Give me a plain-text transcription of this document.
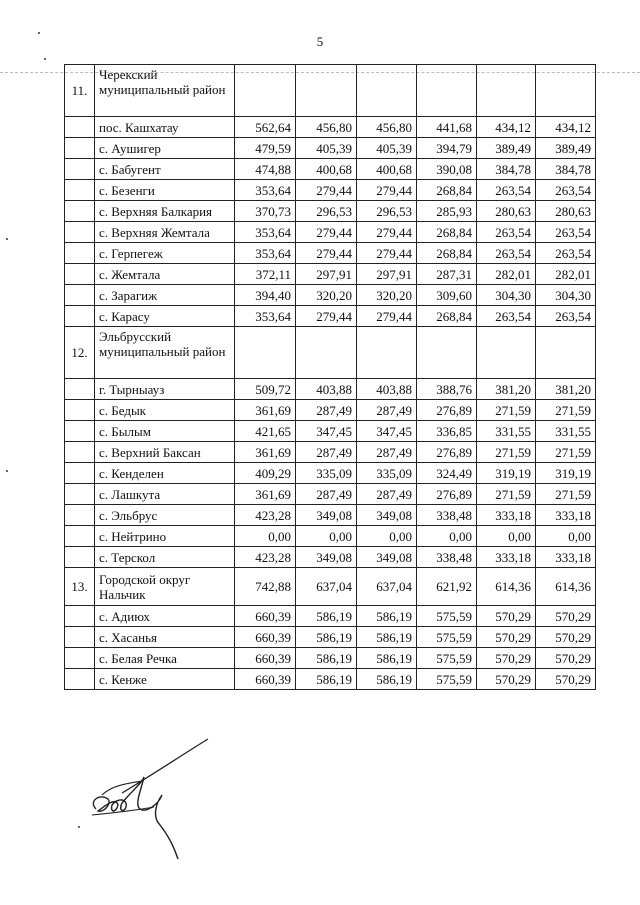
5
11.	Черекский муниципальный район						
	пос. Кашхатау	562,64	456,80	456,80	441,68	434,12	434,12
	с. Аушигер	479,59	405,39	405,39	394,79	389,49	389,49
	с. Бабугент	474,88	400,68	400,68	390,08	384,78	384,78
	с. Безенги	353,64	279,44	279,44	268,84	263,54	263,54
	с. Верхняя Балкария	370,73	296,53	296,53	285,93	280,63	280,63
	с. Верхняя Жемтала	353,64	279,44	279,44	268,84	263,54	263,54
	с. Герпегеж	353,64	279,44	279,44	268,84	263,54	263,54
	с. Жемтала	372,11	297,91	297,91	287,31	282,01	282,01
	с. Зарагиж	394,40	320,20	320,20	309,60	304,30	304,30
	с. Карасу	353,64	279,44	279,44	268,84	263,54	263,54
12.	Эльбрусский муниципальный район						
	г. Тырныауз	509,72	403,88	403,88	388,76	381,20	381,20
	с. Бедык	361,69	287,49	287,49	276,89	271,59	271,59
	с. Былым	421,65	347,45	347,45	336,85	331,55	331,55
	с. Верхний Баксан	361,69	287,49	287,49	276,89	271,59	271,59
	с. Кенделен	409,29	335,09	335,09	324,49	319,19	319,19
	с. Лашкута	361,69	287,49	287,49	276,89	271,59	271,59
	с. Эльбрус	423,28	349,08	349,08	338,48	333,18	333,18
	с. Нейтрино	0,00	0,00	0,00	0,00	0,00	0,00
	с. Терскол	423,28	349,08	349,08	338,48	333,18	333,18
13.	Городской округ Нальчик	742,88	637,04	637,04	621,92	614,36	614,36
	с. Адиюх	660,39	586,19	586,19	575,59	570,29	570,29
	с. Хасанья	660,39	586,19	586,19	575,59	570,29	570,29
	с. Белая Речка	660,39	586,19	586,19	575,59	570,29	570,29
	с. Кенже	660,39	586,19	586,19	575,59	570,29	570,29
